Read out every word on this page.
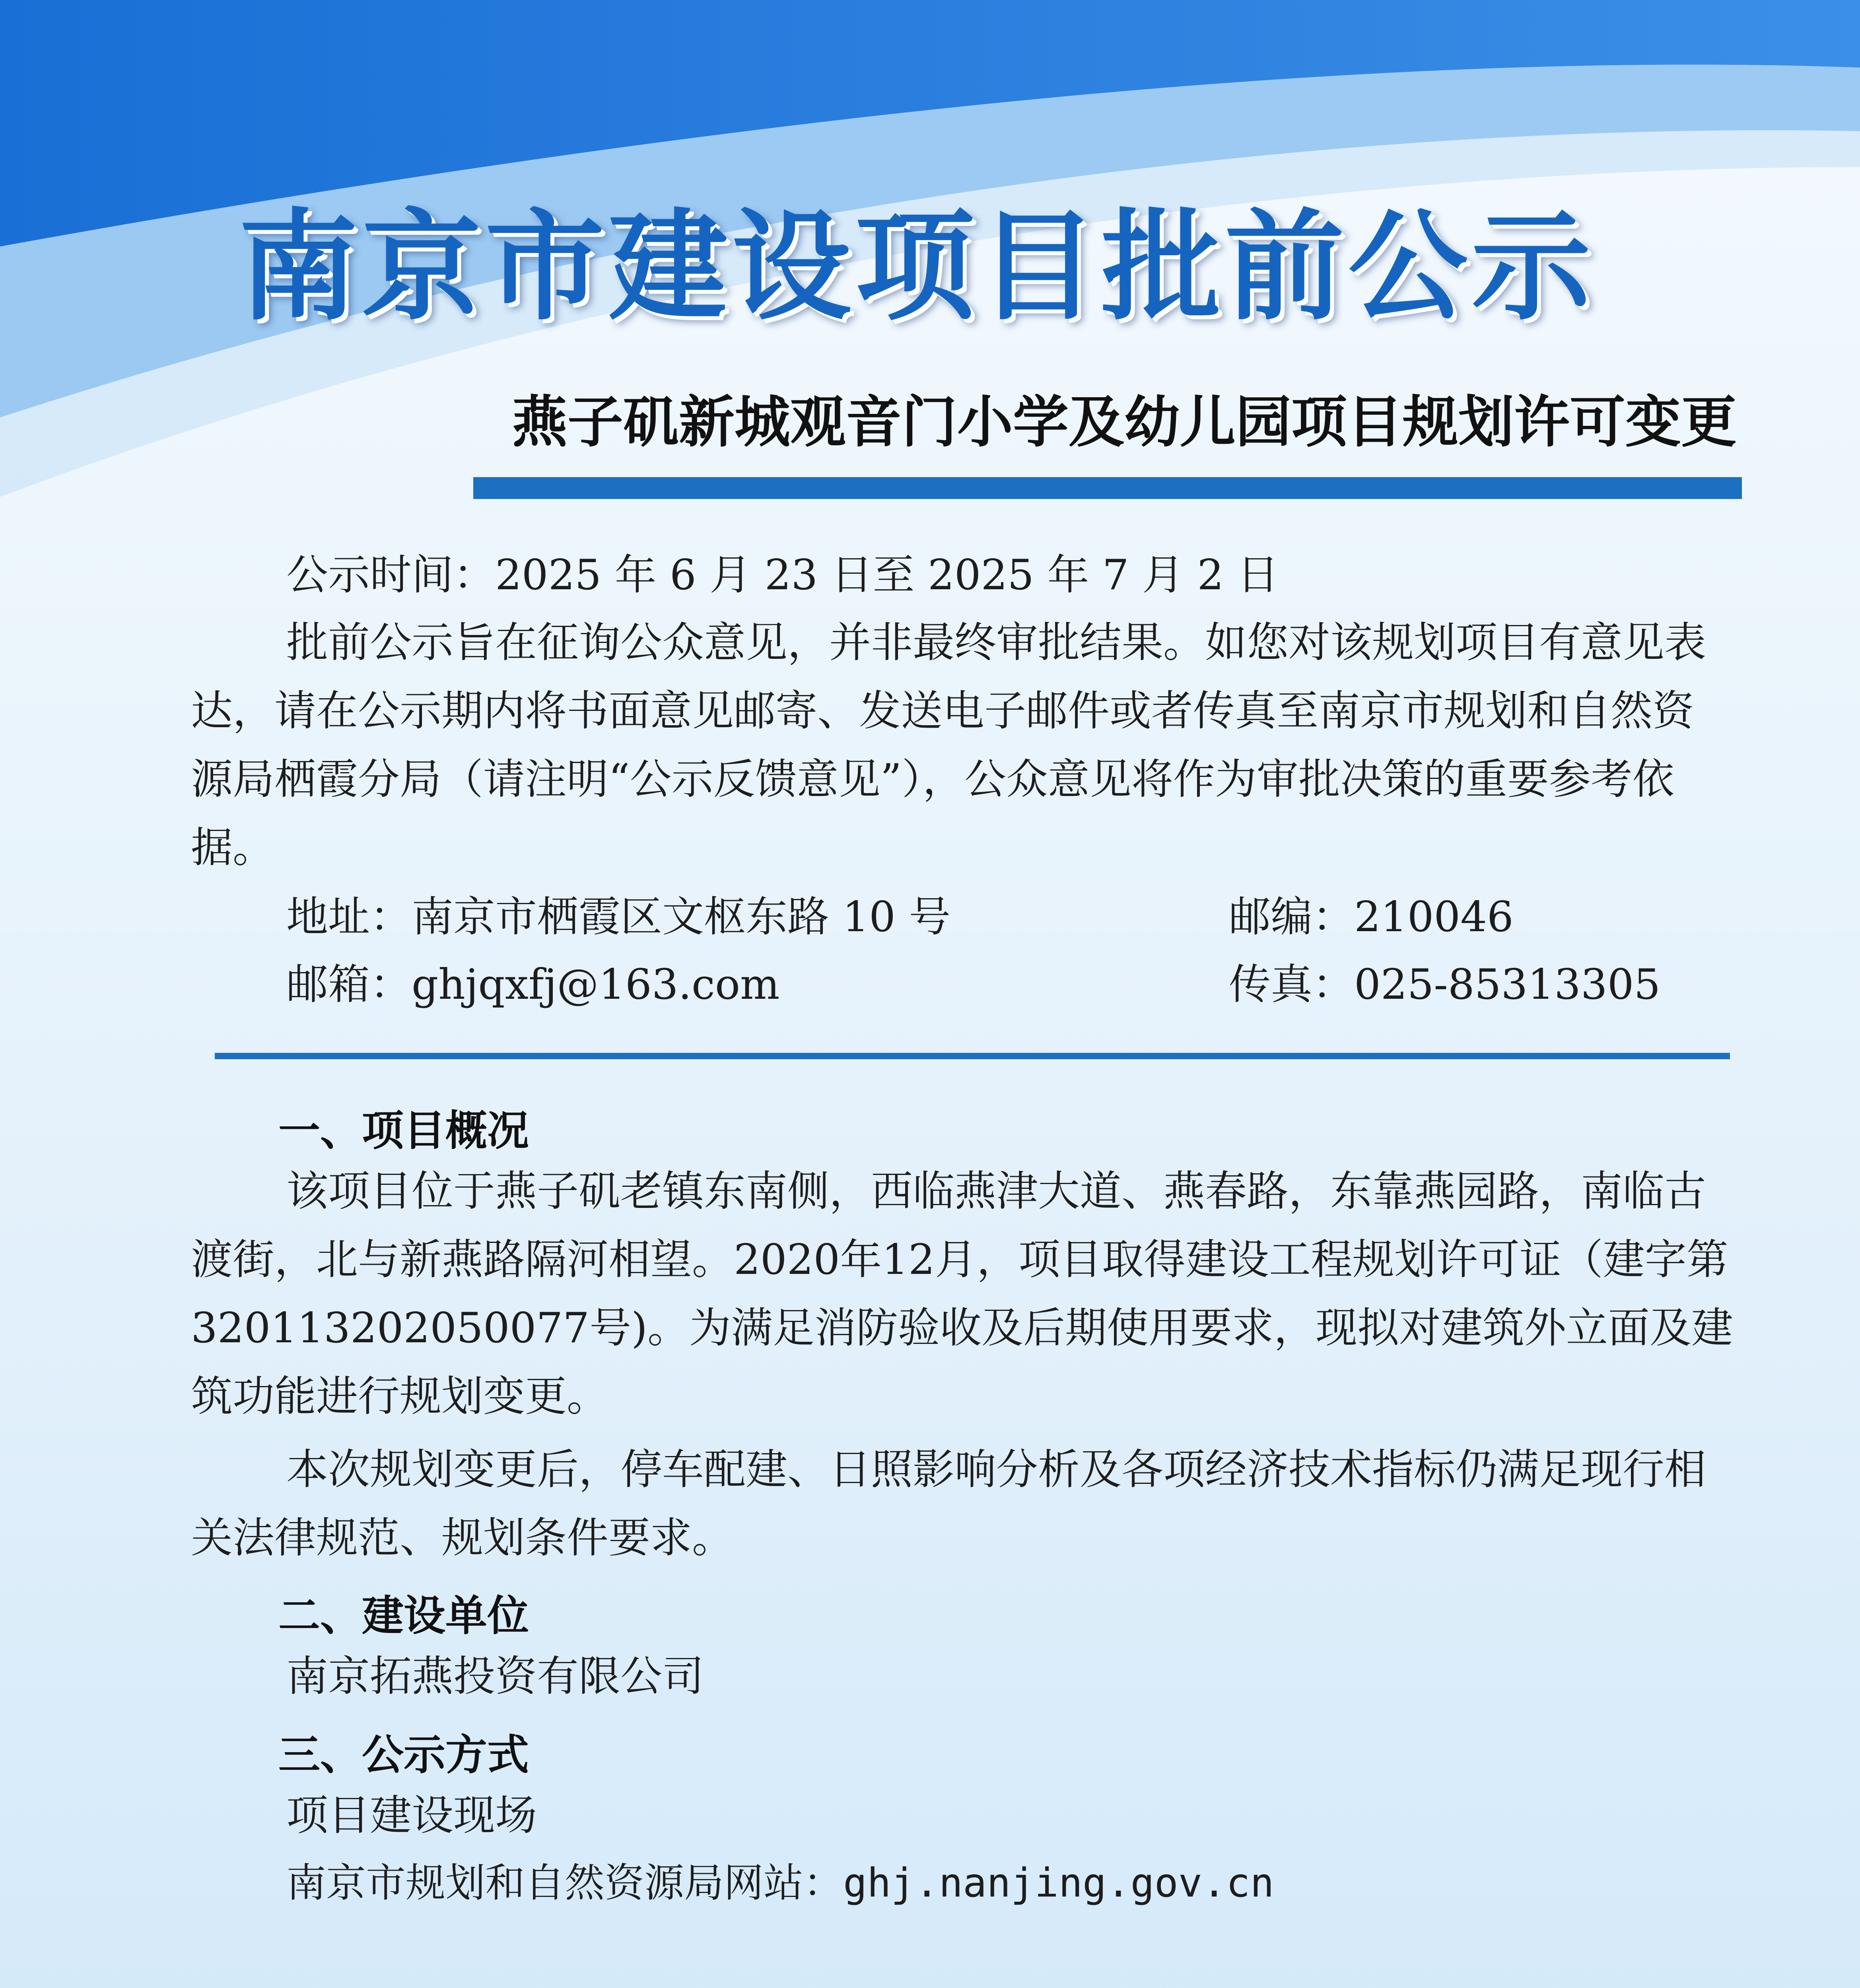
南京市建设项目批前公示
燕子矶新城观音门小学及幼儿园项目规划许可变更
公示时间：2025 年 6 月 23 日至 2025 年 7 月 2 日
批前公示旨在征询公众意见，并非最终审批结果。如您对该规划项目有意见表达，请在公示期内将书面意见邮寄、发送电子邮件或者传真至南京市规划和自然资源局栖霞分局（请注明“公示反馈意见”），公众意见将作为审批决策的重要参考依据。
地址：南京市栖霞区文枢东路 10 号	邮编：210046
邮箱：ghjqxfj@163.com	传真：025-85313305
一、项目概况
该项目位于燕子矶老镇东南侧，西临燕津大道、燕春路，东靠燕园路，南临古渡街，北与新燕路隔河相望。2020年12月，项目取得建设工程规划许可证（建字第320113202050077号)。为满足消防验收及后期使用要求，现拟对建筑外立面及建筑功能进行规划变更。
本次规划变更后，停车配建、日照影响分析及各项经济技术指标仍满足现行相关法律规范、规划条件要求。
二、建设单位
南京拓燕投资有限公司
三、公示方式
项目建设现场
南京市规划和自然资源局网站：ghj.nanjing.gov.cn
